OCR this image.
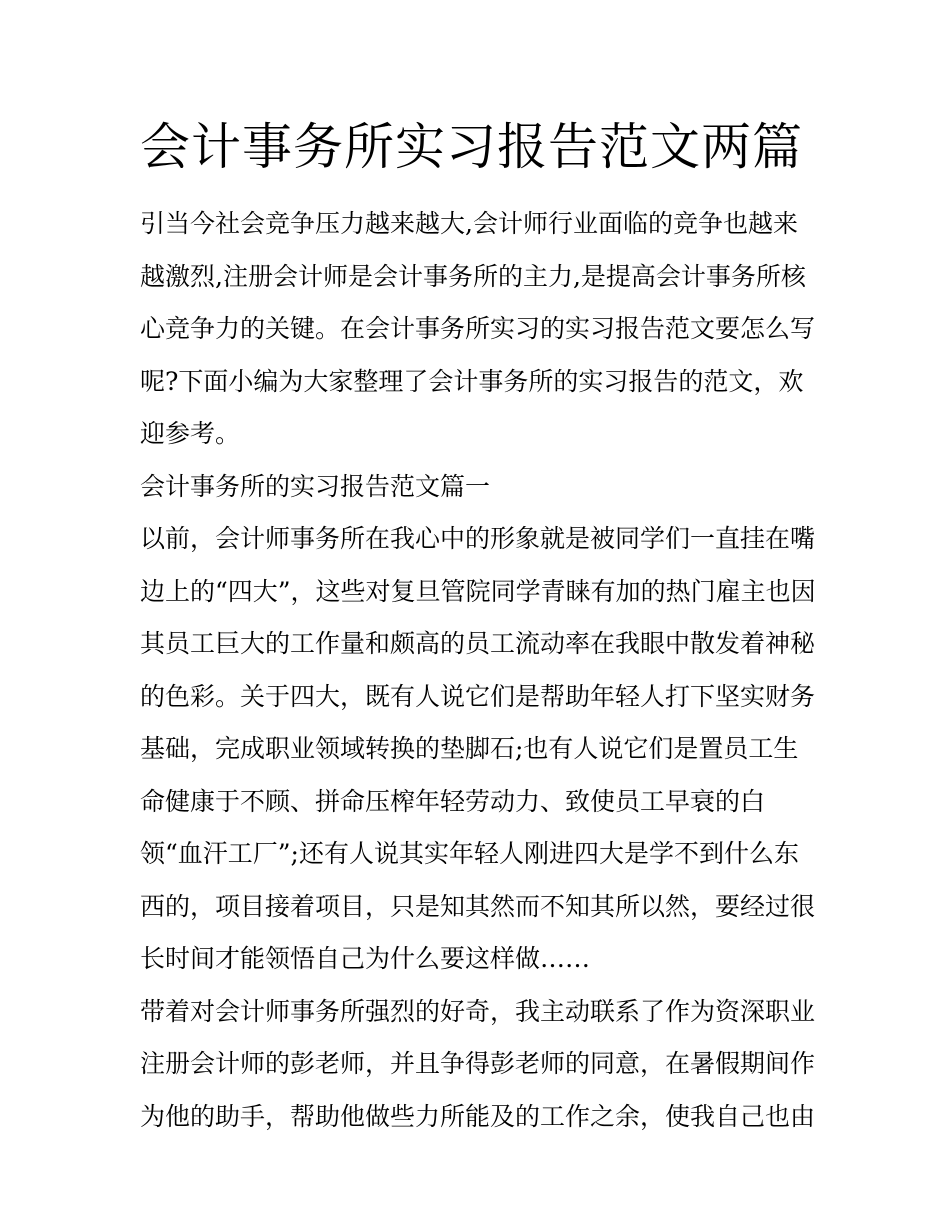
会计事务所实习报告范文两篇
引当今社会竞争压力越来越大,会计师行业面临的竞争也越来
越激烈,注册会计师是会计事务所的主力,是提高会计事务所核
心竞争力的关键。在会计事务所实习的实习报告范文要怎么写
呢?下面小编为大家整理了会计事务所的实习报告的范文，欢
迎参考。
会计事务所的实习报告范文篇一
以前，会计师事务所在我心中的形象就是被同学们一直挂在嘴
边上的“四大”，这些对复旦管院同学青睐有加的热门雇主也因
其员工巨大的工作量和颇高的员工流动率在我眼中散发着神秘
的色彩。关于四大，既有人说它们是帮助年轻人打下坚实财务
基础，完成职业领域转换的垫脚石;也有人说它们是置员工生
命健康于不顾、拼命压榨年轻劳动力、致使员工早衰的白
领“血汗工厂”;还有人说其实年轻人刚进四大是学不到什么东
西的，项目接着项目，只是知其然而不知其所以然，要经过很
长时间才能领悟自己为什么要这样做……
带着对会计师事务所强烈的好奇，我主动联系了作为资深职业
注册会计师的彭老师，并且争得彭老师的同意，在暑假期间作
为他的助手，帮助他做些力所能及的工作之余，使我自己也由
